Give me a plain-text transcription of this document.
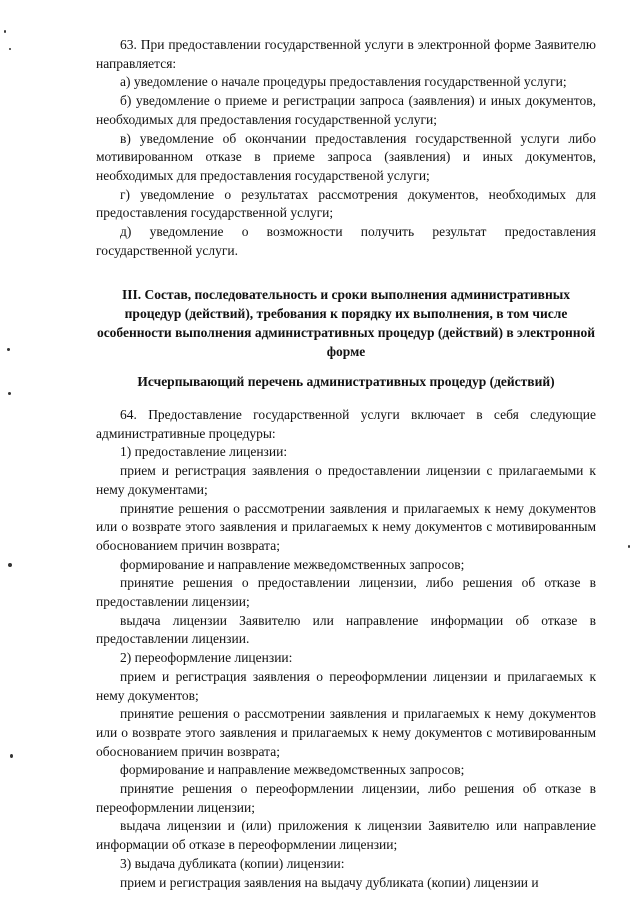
63. При предоставлении государственной услуги в электронной форме Заявителю направляется:

а) уведомление о начале процедуры предоставления государственной услуги;

б) уведомление о приеме и регистрации запроса (заявления) и иных документов, необходимых для предоставления государственной услуги;

в) уведомление об окончании предоставления государственной услуги либо мотивированном отказе в приеме запроса (заявления) и иных документов, необходимых для предоставления государственой услуги;

г) уведомление о результатах рассмотрения документов, необходимых для предоставления государственной услуги;

д) уведомление о возможности получить результат предоставления государственной услуги.

III. Состав, последовательность и сроки выполнения административных процедур (действий), требования к порядку их выполнения, в том числе особенности выполнения административных процедур (действий) в электронной форме
Исчерпывающий перечень административных процедур (действий)

64. Предоставление государственной услуги включает в себя следующие административные процедуры:

1) предоставление лицензии:

прием и регистрация заявления о предоставлении лицензии с прилагаемыми к нему документами;

принятие решения о рассмотрении заявления и прилагаемых к нему документов или о возврате этого заявления и прилагаемых к нему документов с мотивированным обоснованием причин возврата;

формирование и направление межведомственных запросов;

принятие решения о предоставлении лицензии, либо решения об отказе в предоставлении лицензии;

выдача лицензии Заявителю или направление информации об отказе в предоставлении лицензии.

2) переоформление лицензии:

прием и регистрация заявления о переоформлении лицензии и прилагаемых к нему документов;

принятие решения о рассмотрении заявления и прилагаемых к нему документов или о возврате этого заявления и прилагаемых к нему документов с мотивированным обоснованием причин возврата;

формирование и направление межведомственных запросов;

принятие решения о переоформлении лицензии, либо решения об отказе в переоформлении лицензии;

выдача лицензии и (или) приложения к лицензии Заявителю или направление информации об отказе в переоформлении лицензии;

3) выдача дубликата (копии) лицензии:

прием и регистрация заявления на выдачу дубликата (копии) лицензии и
